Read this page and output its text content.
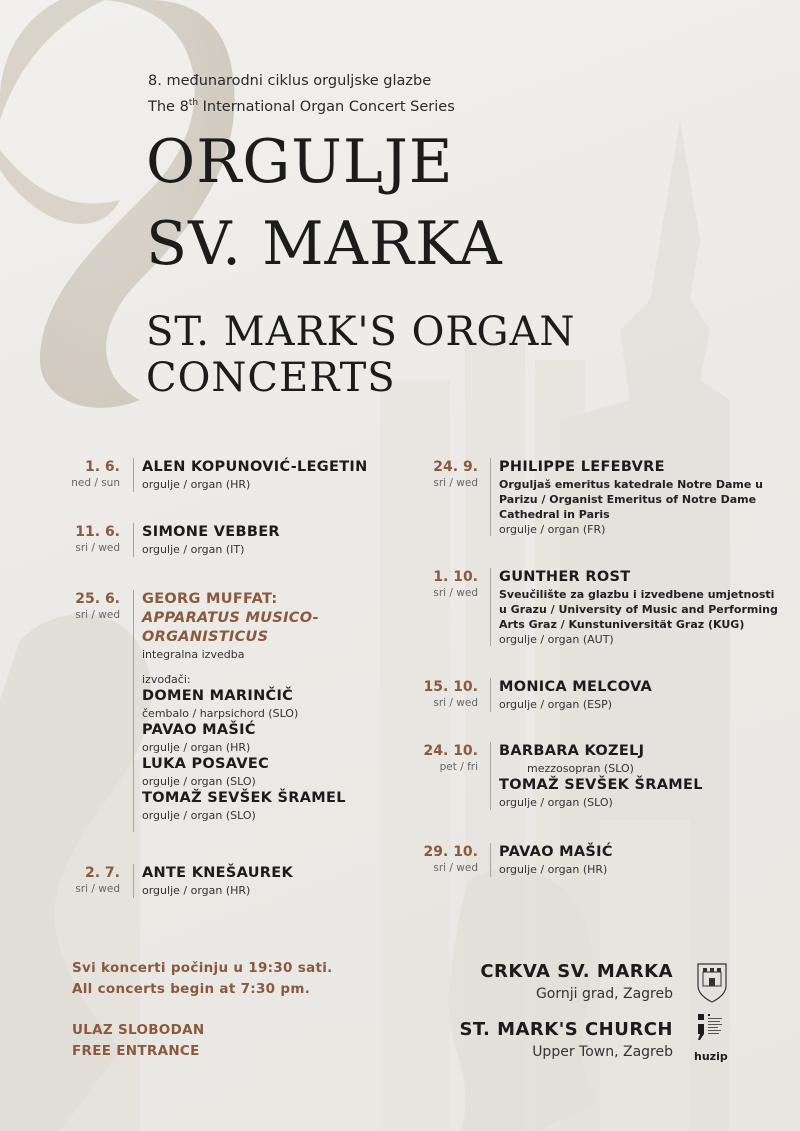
8. međunarodni ciklus orguljske glazbe
The 8th International Organ Concert Series
ORGULJE
SV. MARKA
ST. MARK'S ORGAN
CONCERTS
1. 6.
ned / sun
ALEN KOPUNOVIĆ-LEGETIN
orgulje / organ (HR)
11. 6.
sri / wed
SIMONE VEBBER
orgulje / organ (IT)
25. 6.
sri / wed
GEORG MUFFAT:
APPARATUS MUSICO-
ORGANISTICUS
integralna izvedba
izvođači:
DOMEN MARINČIČ
čembalo / harpsichord (SLO)
PAVAO MAŠIĆ
orgulje / organ (HR)
LUKA POSAVEC
orgulje / organ (SLO)
TOMAŽ SEVŠEK ŠRAMEL
orgulje / organ (SLO)
2. 7.
sri / wed
ANTE KNEŠAUREK
orgulje / organ (HR)
24. 9.
sri / wed
PHILIPPE LEFEBVRE
Orguljaš emeritus katedrale Notre Dame u
Parizu / Organist Emeritus of Notre Dame
Cathedral in Paris
orgulje / organ (FR)
1. 10.
sri / wed
GUNTHER ROST
Sveučilište za glazbu i izvedbene umjetnosti
u Grazu / University of Music and Performing
Arts Graz / Kunstuniversität Graz (KUG)
orgulje / organ (AUT)
15. 10.
sri / wed
MONICA MELCOVA
orgulje / organ (ESP)
24. 10.
pet / fri
BARBARA KOZELJ
mezzosopran (SLO)
TOMAŽ SEVŠEK ŠRAMEL
orgulje / organ (SLO)
29. 10.
sri / wed
PAVAO MAŠIĆ
orgulje / organ (HR)
Svi koncerti počinju u 19:30 sati.
All concerts begin at 7:30 pm.
ULAZ SLOBODAN
FREE ENTRANCE
CRKVA SV. MARKA
Gornji grad, Zagreb
ST. MARK'S CHURCH
Upper Town, Zagreb
huzip
